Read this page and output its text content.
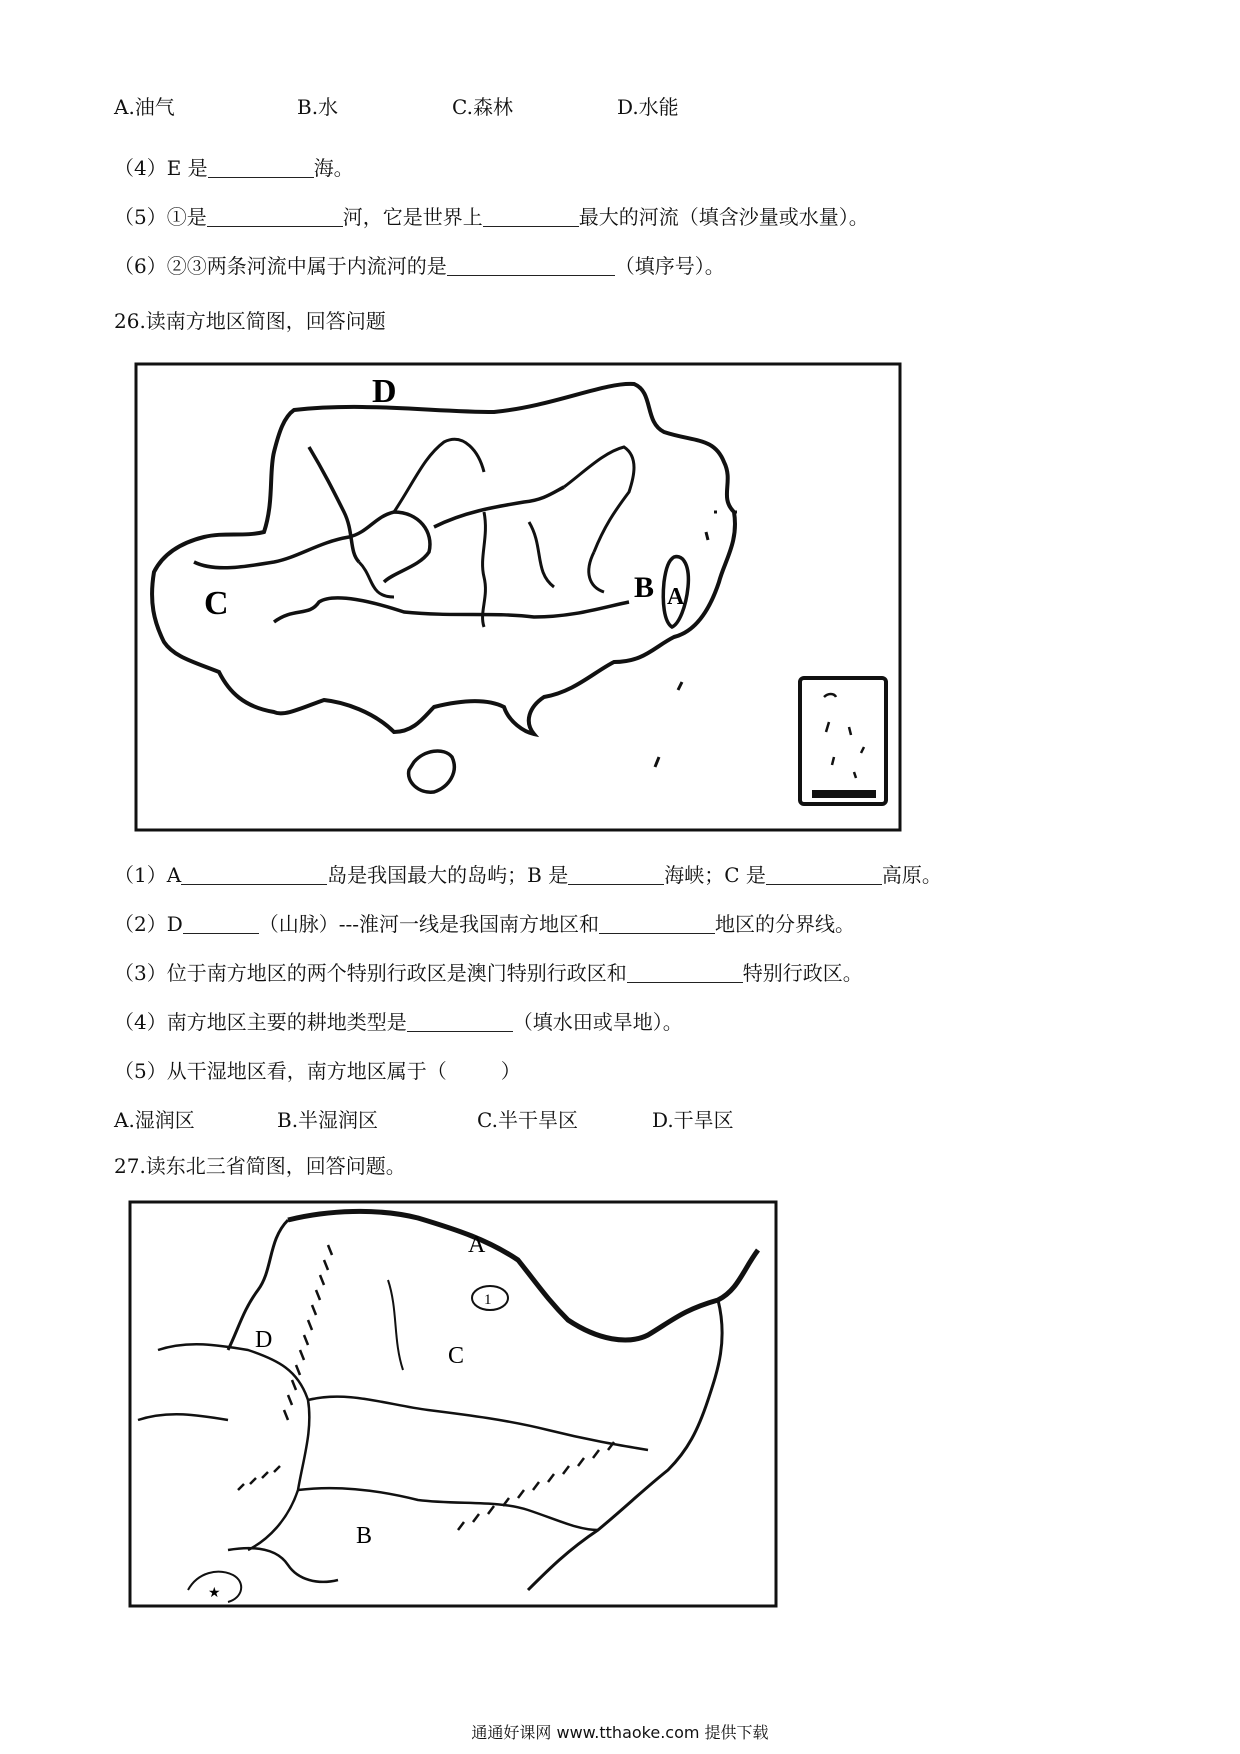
A.油气	B.水	C.森林	D.水能
（4）E 是	海。
（5）①是	河，它是世界上	最大的河流（填含沙量或水量）。
（6）②③两条河流中属于内流河的是	（填序号）。
26.读南方地区简图，回答问题
D
C	B A
（1）A	岛是我国最大的岛屿；B 是	海峡；C 是	高原。
（2）D	（山脉）---淮河一线是我国南方地区和	地区的分界线。
（3）位于南方地区的两个特别行政区是澳门特别行政区和	特别行政区。
（4）南方地区主要的耕地类型是	（填水田或旱地）。
（5）从干湿地区看，南方地区属于（	）
A.湿润区	B.半湿润区	C.半干旱区	D.干旱区
27.读东北三省简图，回答问题。
★
1
A
C
D
B
通通好课网 www.tthaoke.com 提供下载
